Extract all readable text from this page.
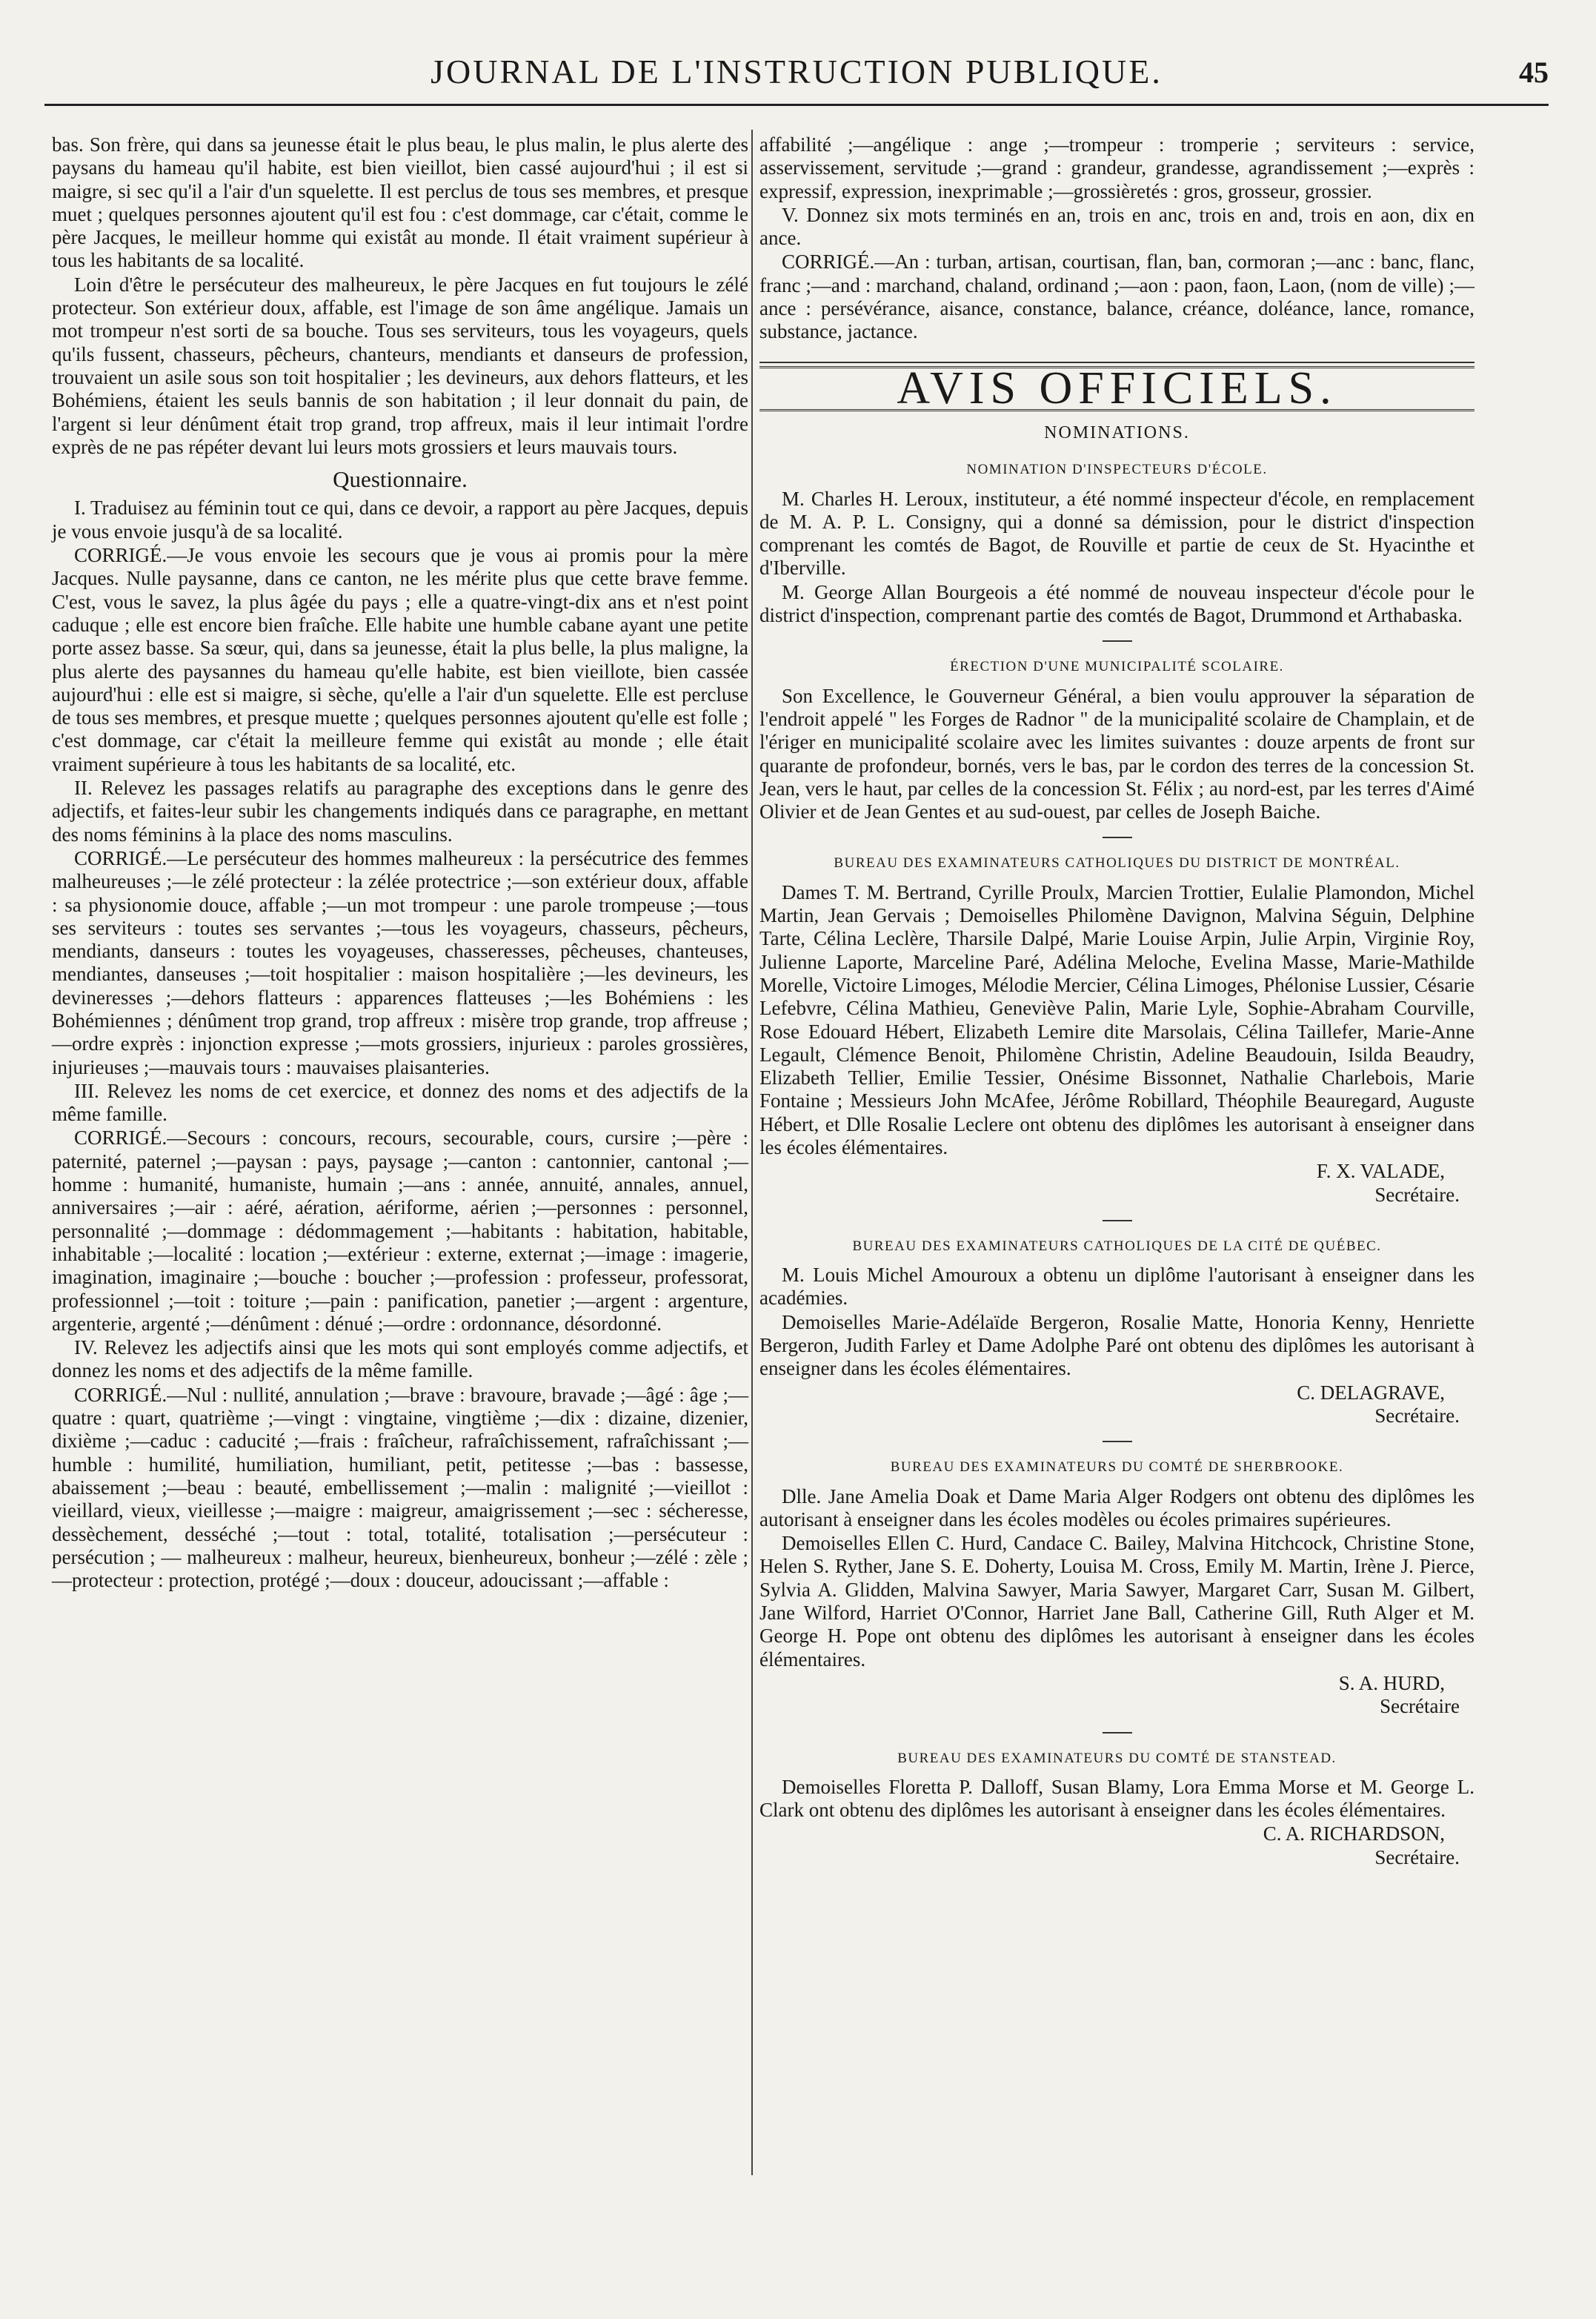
JOURNAL DE L'INSTRUCTION PUBLIQUE.	45

bas. Son frère, qui dans sa jeunesse était le plus beau, le plus malin, le plus alerte des paysans du hameau qu'il habite, est bien vieillot, bien cassé aujourd'hui ; il est si maigre, si sec qu'il a l'air d'un squelette. Il est perclus de tous ses membres, et presque muet ; quelques personnes ajoutent qu'il est fou : c'est dommage, car c'était, comme le père Jacques, le meilleur homme qui existât au monde. Il était vraiment supérieur à tous les habitants de sa localité.

Loin d'être le persécuteur des malheureux, le père Jacques en fut toujours le zélé protecteur. Son extérieur doux, affable, est l'image de son âme angélique. Jamais un mot trompeur n'est sorti de sa bouche. Tous ses serviteurs, tous les voyageurs, quels qu'ils fussent, chasseurs, pêcheurs, chanteurs, mendiants et danseurs de profession, trouvaient un asile sous son toit hospitalier ; les devineurs, aux dehors flatteurs, et les Bohémiens, étaient les seuls bannis de son habitation ; il leur donnait du pain, de l'argent si leur dénûment était trop grand, trop affreux, mais il leur intimait l'ordre exprès de ne pas répéter devant lui leurs mots grossiers et leurs mauvais tours.

Questionnaire.

I. Traduisez au féminin tout ce qui, dans ce devoir, a rapport au père Jacques, depuis je vous envoie jusqu'à de sa localité.

CORRIGÉ.—Je vous envoie les secours que je vous ai promis pour la mère Jacques. Nulle paysanne, dans ce canton, ne les mérite plus que cette brave femme. C'est, vous le savez, la plus âgée du pays ; elle a quatre-vingt-dix ans et n'est point caduque ; elle est encore bien fraîche. Elle habite une humble cabane ayant une petite porte assez basse. Sa sœur, qui, dans sa jeunesse, était la plus belle, la plus maligne, la plus alerte des paysannes du hameau qu'elle habite, est bien vieillote, bien cassée aujourd'hui : elle est si maigre, si sèche, qu'elle a l'air d'un squelette. Elle est percluse de tous ses membres, et presque muette ; quelques personnes ajoutent qu'elle est folle ; c'est dommage, car c'était la meilleure femme qui existât au monde ; elle était vraiment supérieure à tous les habitants de sa localité, etc.

II. Relevez les passages relatifs au paragraphe des exceptions dans le genre des adjectifs, et faites-leur subir les changements indiqués dans ce paragraphe, en mettant des noms féminins à la place des noms masculins.

CORRIGÉ.—Le persécuteur des hommes malheureux : la persécutrice des femmes malheureuses ;—le zélé protecteur : la zélée protectrice ;—son extérieur doux, affable : sa physionomie douce, affable ;—un mot trompeur : une parole trompeuse ;—tous ses serviteurs : toutes ses servantes ;—tous les voyageurs, chasseurs, pêcheurs, mendiants, danseurs : toutes les voyageuses, chasseresses, pêcheuses, chanteuses, mendiantes, danseuses ;—toit hospitalier : maison hospitalière ;—les devineurs, les devineresses ;—dehors flatteurs : apparences flatteuses ;—les Bohémiens : les Bohémiennes ; dénûment trop grand, trop affreux : misère trop grande, trop affreuse ;—ordre exprès : injonction expresse ;—mots grossiers, injurieux : paroles grossières, injurieuses ;—mauvais tours : mauvaises plaisanteries.

III. Relevez les noms de cet exercice, et donnez des noms et des adjectifs de la même famille.

CORRIGÉ.—Secours : concours, recours, secourable, cours, cursire ;—père : paternité, paternel ;—paysan : pays, paysage ;—canton : cantonnier, cantonal ;—homme : humanité, humaniste, humain ;—ans : année, annuité, annales, annuel, anniversaires ;—air : aéré, aération, aériforme, aérien ;—personnes : personnel, personnalité ;—dommage : dédommagement ;—habitants : habitation, habitable, inhabitable ;—localité : location ;—extérieur : externe, externat ;—image : imagerie, imagination, imaginaire ;—bouche : boucher ;—profession : professeur, professorat, professionnel ;—toit : toiture ;—pain : panification, panetier ;—argent : argenture, argenterie, argenté ;—dénûment : dénué ;—ordre : ordonnance, désordonné.

IV. Relevez les adjectifs ainsi que les mots qui sont employés comme adjectifs, et donnez les noms et des adjectifs de la même famille.

CORRIGÉ.—Nul : nullité, annulation ;—brave : bravoure, bravade ;—âgé : âge ;—quatre : quart, quatrième ;—vingt : vingtaine, vingtième ;—dix : dizaine, dizenier, dixième ;—caduc : caducité ;—frais : fraîcheur, rafraîchissement, rafraîchissant ;—humble : humilité, humiliation, humiliant, petit, petitesse ;—bas : bassesse, abaissement ;—beau : beauté, embellissement ;—malin : malignité ;—vieillot : vieillard, vieux, vieillesse ;—maigre : maigreur, amaigrissement ;—sec : sécheresse, dessèchement, desséché ;—tout : total, totalité, totalisation ;—persécuteur : persécution ; — malheureux : malheur, heureux, bienheureux, bonheur ;—zélé : zèle ;—protecteur : protection, protégé ;—doux : douceur, adoucissant ;—affable :

affabilité ;—angélique : ange ;—trompeur : tromperie ; serviteurs : service, asservissement, servitude ;—grand : grandeur, grandesse, agrandissement ;—exprès : expressif, expression, inexprimable ;—grossièretés : gros, grosseur, grossier.

V. Donnez six mots terminés en an, trois en anc, trois en and, trois en aon, dix en ance.

CORRIGÉ.—An : turban, artisan, courtisan, flan, ban, cormoran ;—anc : banc, flanc, franc ;—and : marchand, chaland, ordinand ;—aon : paon, faon, Laon, (nom de ville) ;—ance : persévérance, aisance, constance, balance, créance, doléance, lance, romance, substance, jactance.

AVIS OFFICIELS.
NOMINATIONS.
NOMINATION D'INSPECTEURS D'ÉCOLE.

M. Charles H. Leroux, instituteur, a été nommé inspecteur d'école, en remplacement de M. A. P. L. Consigny, qui a donné sa démission, pour le district d'inspection comprenant les comtés de Bagot, de Rouville et partie de ceux de St. Hyacinthe et d'Iberville.

M. George Allan Bourgeois a été nommé de nouveau inspecteur d'école pour le district d'inspection, comprenant partie des comtés de Bagot, Drummond et Arthabaska.

ÉRECTION D'UNE MUNICIPALITÉ SCOLAIRE.

Son Excellence, le Gouverneur Général, a bien voulu approuver la séparation de l'endroit appelé " les Forges de Radnor " de la municipalité scolaire de Champlain, et de l'ériger en municipalité scolaire avec les limites suivantes : douze arpents de front sur quarante de profondeur, bornés, vers le bas, par le cordon des terres de la concession St. Jean, vers le haut, par celles de la concession St. Félix ; au nord-est, par les terres d'Aimé Olivier et de Jean Gentes et au sud-ouest, par celles de Joseph Baiche.

BUREAU DES EXAMINATEURS CATHOLIQUES DU DISTRICT DE MONTRÉAL.

Dames T. M. Bertrand, Cyrille Proulx, Marcien Trottier, Eulalie Plamondon, Michel Martin, Jean Gervais ; Demoiselles Philomène Davignon, Malvina Séguin, Delphine Tarte, Célina Leclère, Tharsile Dalpé, Marie Louise Arpin, Julie Arpin, Virginie Roy, Julienne Laporte, Marceline Paré, Adélina Meloche, Evelina Masse, Marie-Mathilde Morelle, Victoire Limoges, Mélodie Mercier, Célina Limoges, Phélonise Lussier, Césarie Lefebvre, Célina Mathieu, Geneviève Palin, Marie Lyle, Sophie-Abraham Courville, Rose Edouard Hébert, Elizabeth Lemire dite Marsolais, Célina Taillefer, Marie-Anne Legault, Clémence Benoit, Philomène Christin, Adeline Beaudouin, Isilda Beaudry, Elizabeth Tellier, Emilie Tessier, Onésime Bissonnet, Nathalie Charlebois, Marie Fontaine ; Messieurs John McAfee, Jérôme Robillard, Théophile Beauregard, Auguste Hébert, et Dlle Rosalie Leclere ont obtenu des diplômes les autorisant à enseigner dans les écoles élémentaires.

F. X. VALADE,
Secrétaire.
BUREAU DES EXAMINATEURS CATHOLIQUES DE LA CITÉ DE QUÉBEC.

M. Louis Michel Amouroux a obtenu un diplôme l'autorisant à enseigner dans les académies.

Demoiselles Marie-Adélaïde Bergeron, Rosalie Matte, Honoria Kenny, Henriette Bergeron, Judith Farley et Dame Adolphe Paré ont obtenu des diplômes les autorisant à enseigner dans les écoles élémentaires.

C. DELAGRAVE,
Secrétaire.
BUREAU DES EXAMINATEURS DU COMTÉ DE SHERBROOKE.

Dlle. Jane Amelia Doak et Dame Maria Alger Rodgers ont obtenu des diplômes les autorisant à enseigner dans les écoles modèles ou écoles primaires supérieures.

Demoiselles Ellen C. Hurd, Candace C. Bailey, Malvina Hitchcock, Christine Stone, Helen S. Ryther, Jane S. E. Doherty, Louisa M. Cross, Emily M. Martin, Irène J. Pierce, Sylvia A. Glidden, Malvina Sawyer, Maria Sawyer, Margaret Carr, Susan M. Gilbert, Jane Wilford, Harriet O'Connor, Harriet Jane Ball, Catherine Gill, Ruth Alger et M. George H. Pope ont obtenu des diplômes les autorisant à enseigner dans les écoles élémentaires.

S. A. HURD,
Secrétaire
BUREAU DES EXAMINATEURS DU COMTÉ DE STANSTEAD.

Demoiselles Floretta P. Dalloff, Susan Blamy, Lora Emma Morse et M. George L. Clark ont obtenu des diplômes les autorisant à enseigner dans les écoles élémentaires.

C. A. RICHARDSON,
Secrétaire.
